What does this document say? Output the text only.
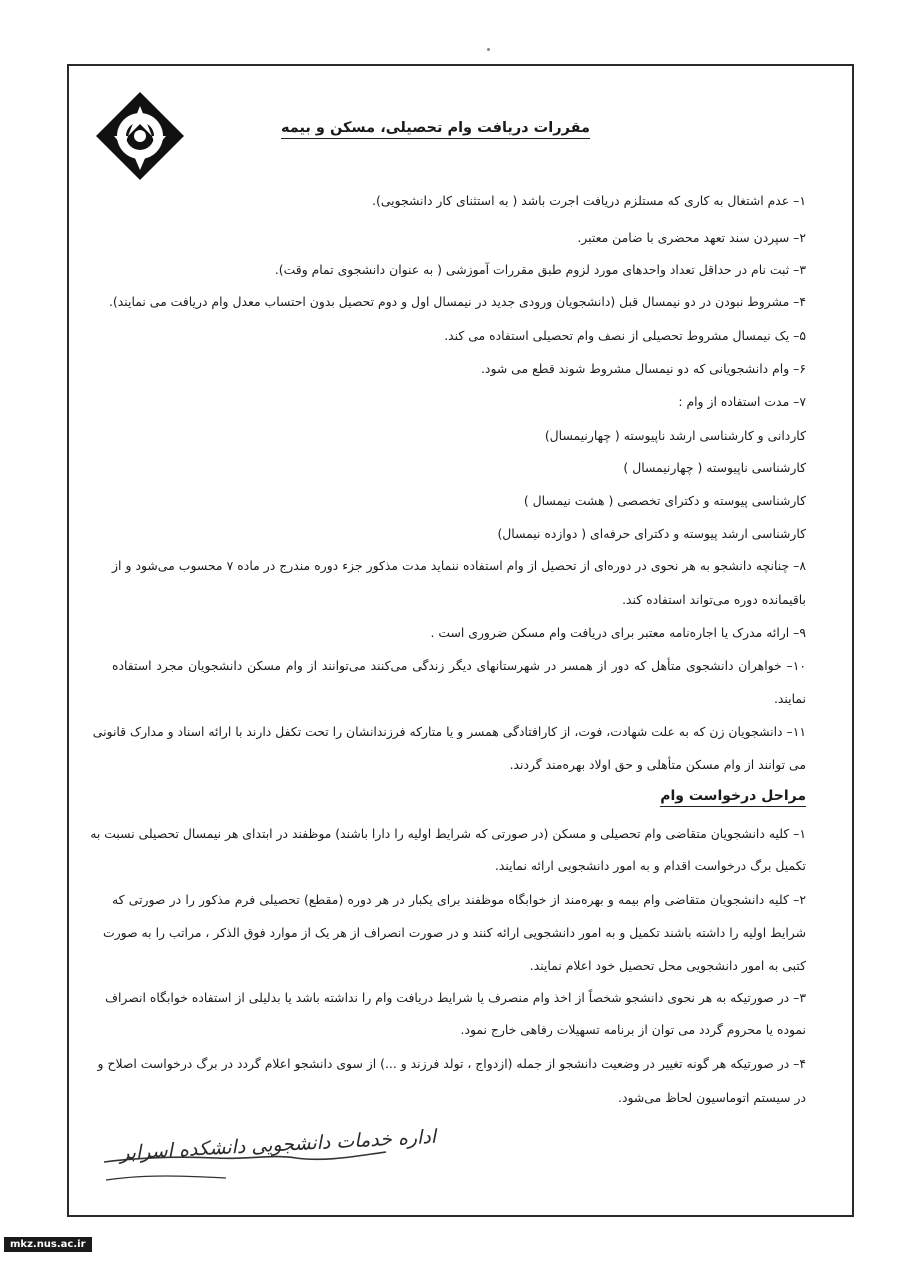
مقررات دریافت وام تحصیلی، مسکن و بیمه
۱– عدم اشتغال به کاری که مستلزم دریافت اجرت باشد ( به استثنای کار دانشجویی).
۲– سپردن سند تعهد محضری با ضامن معتبر.
۳– ثبت نام در حداقل تعداد واحدهای مورد لزوم طبق مقررات آموزشی ( به عنوان دانشجوی تمام وقت).
۴– مشروط نبودن در دو نیمسال قبل (دانشجویان ورودی جدید در نیمسال اول و دوم تحصیل بدون احتساب معدل وام دریافت می نمایند).
۵– یک نیمسال مشروط تحصیلی از نصف وام تحصیلی استفاده می کند.
۶– وام دانشجویانی که دو نیمسال مشروط شوند قطع می شود.
۷– مدت استفاده از وام :
کاردانی و کارشناسی ارشد ناپیوسته ( چهارنیمسال)
کارشناسی ناپیوسته ( چهارنیمسال )
کارشناسی پیوسته و دکترای تخصصی ( هشت نیمسال )
کارشناسی ارشد پیوسته و دکترای حرفه‌ای ( دوازده نیمسال)
۸– چنانچه دانشجو به هر نحوی در دوره‌ای از تحصیل از وام استفاده ننماید مدت مذکور جزء دوره مندرج در ماده ۷ محسوب می‌شود و از
باقیمانده دوره می‌تواند استفاده کند.
۹– ارائه مدرک یا اجاره‌نامه معتبر برای دریافت وام مسکن ضروری است .
۱۰– خواهران دانشجوی متأهل که دور از همسر در شهرستانهای دیگر زندگی می‌کنند می‌توانند از وام مسکن دانشجویان مجرد استفاده
نمایند.
۱۱– دانشجویان زن که به علت شهادت، فوت، از کارافتادگی همسر و یا متارکه فرزندانشان را تحت تکفل دارند با ارائه اسناد و مدارک قانونی
می توانند از وام مسکن متأهلی و حق اولاد بهره‌مند گردند.
مراحل درخواست وام
۱– کلیه دانشجویان متقاضی وام تحصیلی و مسکن (در صورتی که شرایط اولیه را دارا باشند) موظفند در ابتدای هر نیمسال تحصیلی نسبت به
تکمیل برگ درخواست اقدام و به امور دانشجویی ارائه نمایند.
۲– کلیه دانشجویان متقاضی وام بیمه و بهره‌مند از خوابگاه موظفند برای یکبار در هر دوره (مقطع) تحصیلی فرم مذکور را در صورتی که
شرایط اولیه را داشته باشند تکمیل و به امور دانشجویی ارائه کنند و در صورت انصراف از هر یک از موارد فوق الذکر ، مراتب را به صورت
کتبی به امور دانشجویی محل تحصیل خود اعلام نمایند.
۳– در صورتیکه به هر نحوی دانشجو شخصاً از اخذ وام منصرف یا شرایط دریافت وام را نداشته باشد یا بدلیلی از استفاده خوابگاه انصراف
نموده یا محروم گردد می توان از برنامه تسهیلات رفاهی خارج نمود.
۴– در صورتیکه هر گونه تغییر در وضعیت دانشجو از جمله (ازدواج ، تولد فرزند و ...) از سوی دانشجو اعلام گردد در برگ درخواست اصلاح و
در سیستم اتوماسیون لحاظ می‌شود.
اداره خدمات دانشجویی دانشکده اسرابر
mkz.nus.ac.ir
